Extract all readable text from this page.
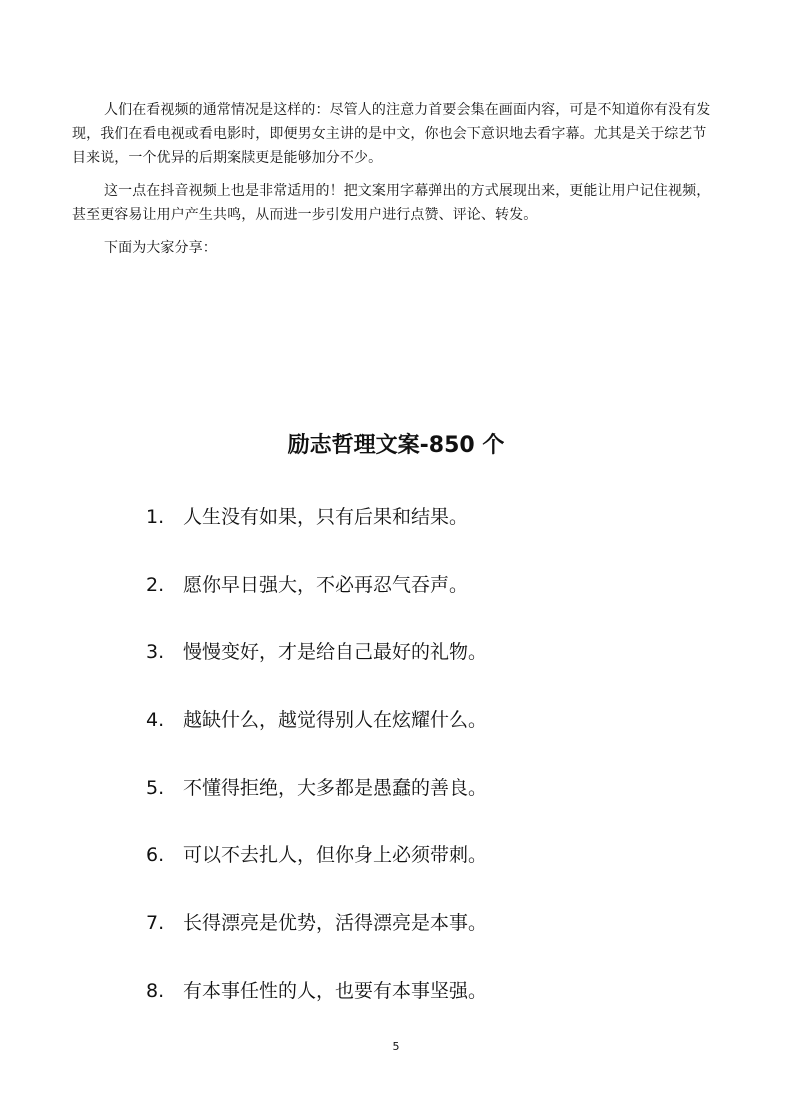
人们在看视频的通常情况是这样的：尽管人的注意力首要会集在画面内容，可是不知道你有没有发现，我们在看电视或看电影时，即便男女主讲的是中文，你也会下意识地去看字幕。尤其是关于综艺节目来说，一个优异的后期案牍更是能够加分不少。

这一点在抖音视频上也是非常适用的！把文案用字幕弹出的方式展现出来，更能让用户记住视频，甚至更容易让用户产生共鸣，从而进一步引发用户进行点赞、评论、转发。

下面为大家分享：

励志哲理文案-850 个
1. 人生没有如果，只有后果和结果。
2. 愿你早日强大，不必再忍气吞声。
3. 慢慢变好，才是给自己最好的礼物。
4. 越缺什么，越觉得别人在炫耀什么。
5. 不懂得拒绝，大多都是愚蠢的善良。
6. 可以不去扎人，但你身上必须带刺。
7. 长得漂亮是优势，活得漂亮是本事。
8. 有本事任性的人，也要有本事坚强。
5
